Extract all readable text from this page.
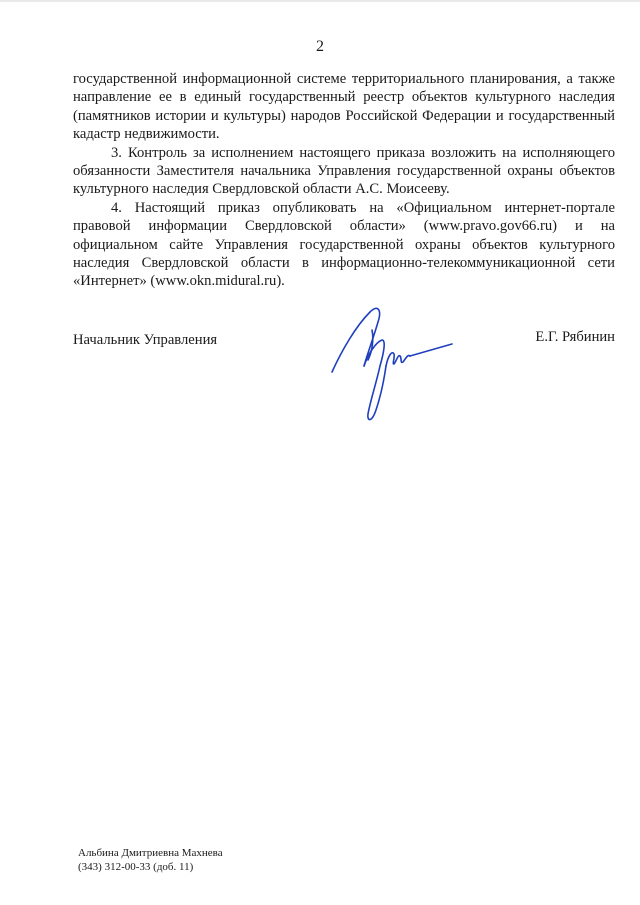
2

государственной информационной системе территориального планирования, а также направление ее в единый государственный реестр объектов культурного наследия (памятников истории и культуры) народов Российской Федерации и государственный кадастр недвижимости.

3. Контроль за исполнением настоящего приказа возложить на исполняющего обязанности Заместителя начальника Управления государственной охраны объектов культурного наследия Свердловской области А.С. Моисееву.

4. Настоящий приказ опубликовать на «Официальном интернет-портале правовой информации Свердловской области» (www.pravo.gov66.ru) и на официальном сайте Управления государственной охраны объектов культурного наследия Свердловской области в информационно-телекоммуникационной сети «Интернет» (www.okn.midural.ru).

Начальник Управления	Е.Г. Рябинин
Альбина Дмитриевна Махнева
(343) 312-00-33 (доб. 11)
